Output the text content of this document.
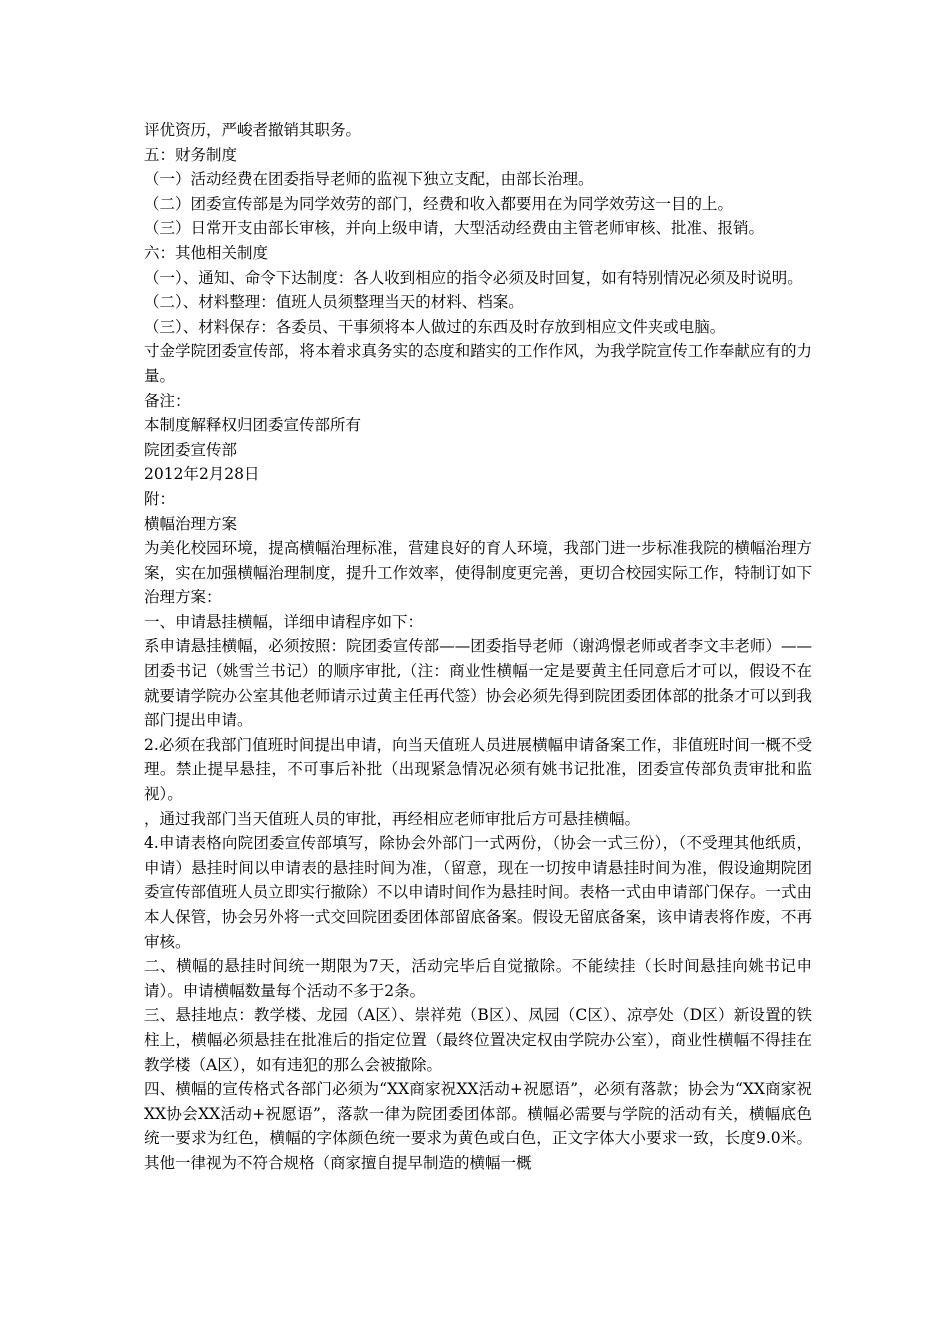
评优资历，严峻者撤销其职务。

五：财务制度

（一）活动经费在团委指导老师的监视下独立支配，由部长治理。

（二）团委宣传部是为同学效劳的部门，经费和收入都要用在为同学效劳这一目的上。

（三）日常开支由部长审核，并向上级申请，大型活动经费由主管老师审核、批准、报销。

六：其他相关制度

（一）、通知、命令下达制度：各人收到相应的指令必须及时回复，如有特别情况必须及时说明。

（二）、材料整理：值班人员须整理当天的材料、档案。

（三）、材料保存：各委员、干事须将本人做过的东西及时存放到相应文件夹或电脑。

寸金学院团委宣传部，将本着求真务实的态度和踏实的工作作风，为我学院宣传工作奉献应有的力量。

备注：

本制度解释权归团委宣传部所有

院团委宣传部

2012年2月28日

附：

横幅治理方案

为美化校园环境，提高横幅治理标准，营建良好的育人环境，我部门进一步标准我院的横幅治理方案，实在加强横幅治理制度，提升工作效率，使得制度更完善，更切合校园实际工作，特制订如下治理方案：

一、申请悬挂横幅，详细申请程序如下：

系申请悬挂横幅，必须按照：院团委宣传部——团委指导老师（谢鸿憬老师或者李文丰老师）——团委书记（姚雪兰书记）的顺序审批,（注：商业性横幅一定是要黄主任同意后才可以，假设不在就要请学院办公室其他老师请示过黄主任再代签）协会必须先得到院团委团体部的批条才可以到我部门提出申请。

2.必须在我部门值班时间提出申请，向当天值班人员进展横幅申请备案工作，非值班时间一概不受理。禁止提早悬挂，不可事后补批（出现紧急情况必须有姚书记批准，团委宣传部负责审批和监视）。

，通过我部门当天值班人员的审批，再经相应老师审批后方可悬挂横幅。

4.申请表格向院团委宣传部填写，除协会外部门一式两份，（协会一式三份），（不受理其他纸质，申请）悬挂时间以申请表的悬挂时间为准，（留意，现在一切按申请悬挂时间为准，假设逾期院团委宣传部值班人员立即实行撤除）不以申请时间作为悬挂时间。表格一式由申请部门保存。一式由本人保管，协会另外将一式交回院团委团体部留底备案。假设无留底备案，该申请表将作废，不再审核。

二、横幅的悬挂时间统一期限为7天，活动完毕后自觉撤除。不能续挂（长时间悬挂向姚书记申请）。申请横幅数量每个活动不多于2条。

三、悬挂地点：教学楼、龙园（A区）、崇祥苑（B区）、凤园（C区）、凉亭处（D区）新设置的铁柱上，横幅必须悬挂在批准后的指定位置（最终位置决定权由学院办公室），商业性横幅不得挂在教学楼（A区），如有违犯的那么会被撤除。

四、横幅的宣传格式各部门必须为“XX商家祝XX活动+祝愿语”，必须有落款；协会为“XX商家祝XX协会XX活动+祝愿语”，落款一律为院团委团体部。横幅必需要与学院的活动有关，横幅底色统一要求为红色，横幅的字体颜色统一要求为黄色或白色，正文字体大小要求一致，长度9.0米。其他一律视为不符合规格（商家擅自提早制造的横幅一概
